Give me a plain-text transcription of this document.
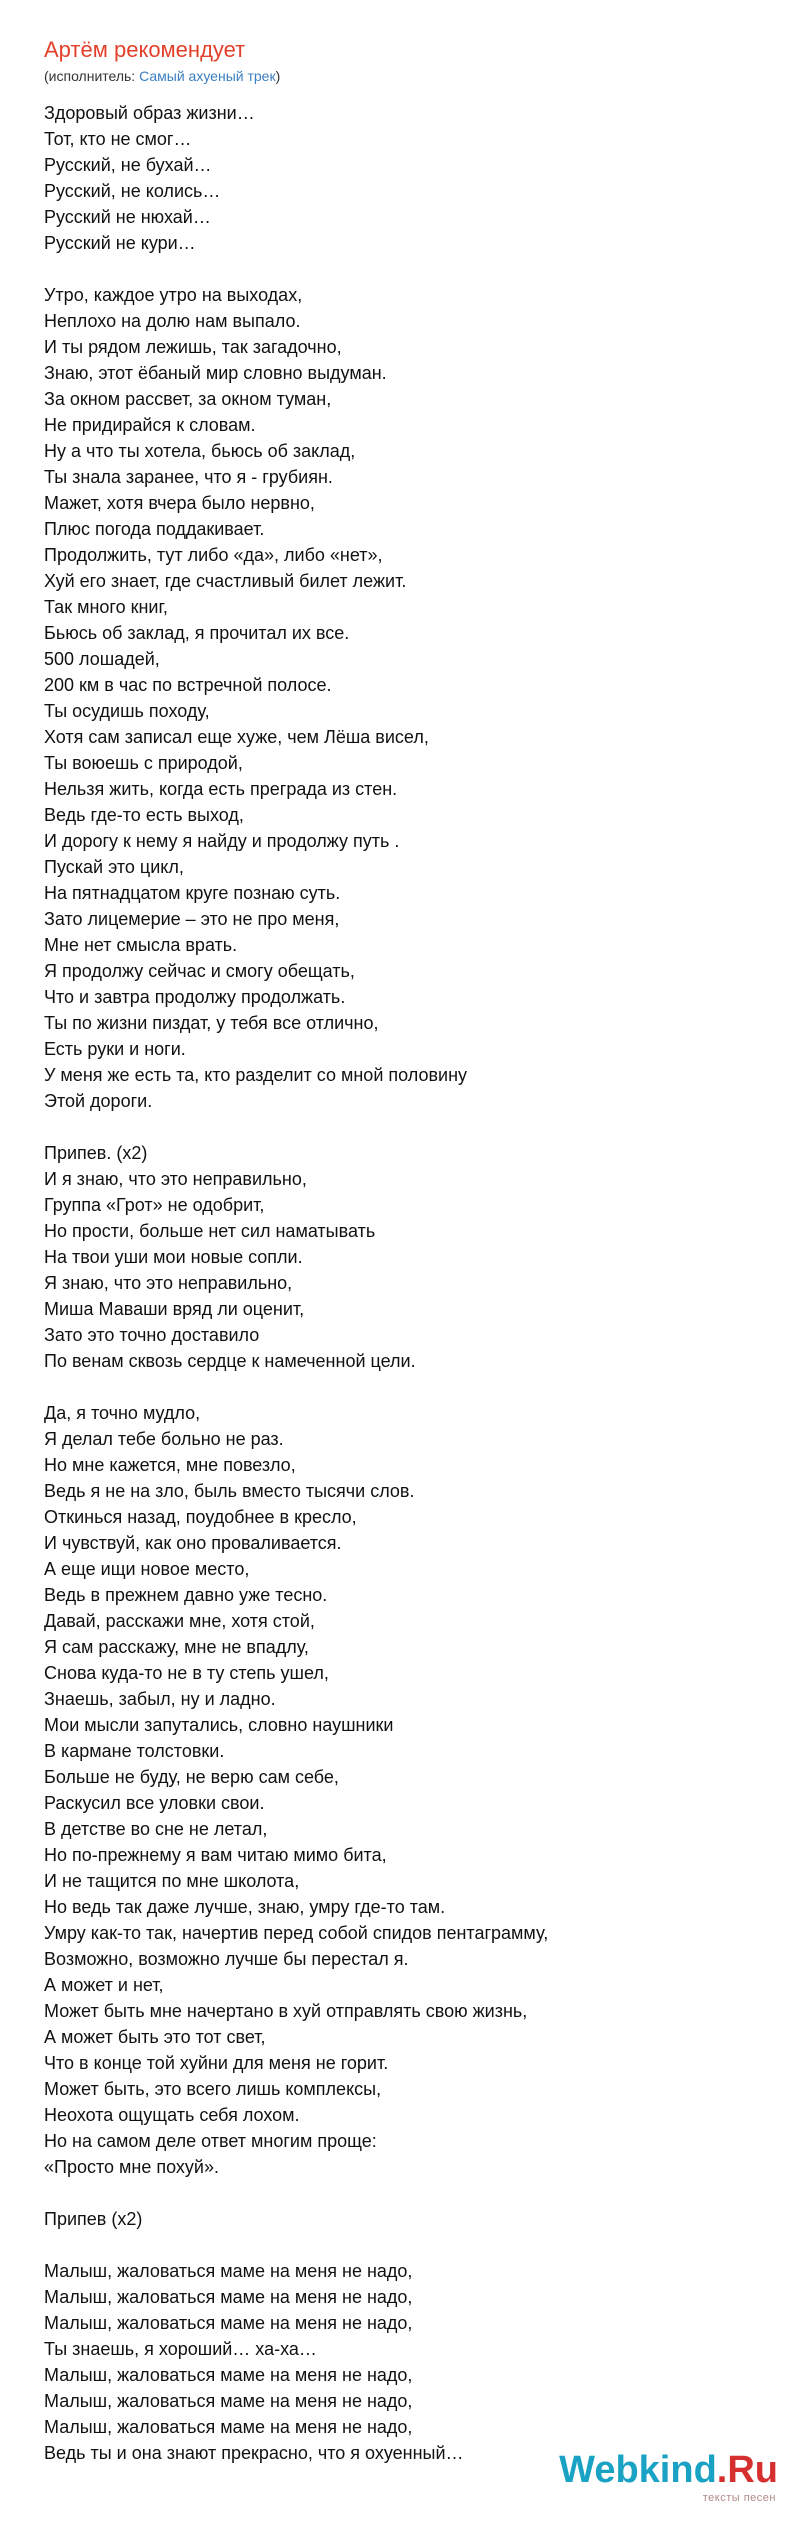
Артём рекомендует
(исполнитель: Самый ахуеный трек)
Здоровый образ жизни…
Тот, кто не смог…
Русский, не бухай…
Русский, не колись…
Русский не нюхай…
Русский не кури…
Утро, каждое утро на выходах,
Неплохо на долю нам выпало.
И ты рядом лежишь, так загадочно,
Знаю, этот ёбаный мир словно выдуман.
За окном рассвет, за окном туман,
Не придирайся к словам.
Ну а что ты хотела, бьюсь об заклад,
Ты знала заранее, что я - грубиян.
Мажет, хотя вчера было нервно,
Плюс погода поддакивает.
Продолжить, тут либо «да», либо «нет»,
Хуй его знает, где счастливый билет лежит.
Так много книг,
Бьюсь об заклад, я прочитал их все.
500 лошадей,
200 км в час по встречной полосе.
Ты осудишь походу,
Хотя сам записал еще хуже, чем Лёша висел,
Ты воюешь с природой,
Нельзя жить, когда есть преграда из стен.
Ведь где-то есть выход,
И дорогу к нему я найду и продолжу путь .
Пускай это цикл,
На пятнадцатом круге познаю суть.
Зато лицемерие – это не про меня,
Мне нет смысла врать.
Я продолжу сейчас и смогу обещать,
Что и завтра продолжу продолжать.
Ты по жизни пиздат, у тебя все отлично,
Есть руки и ноги.
У меня же есть та, кто разделит со мной половину
Этой дороги.
Припев. (x2)
И я знаю, что это неправильно,
Группа «Грот» не одобрит,
Но прости, больше нет сил наматывать
На твои уши мои новые сопли.
Я знаю, что это неправильно,
Миша Маваши вряд ли оценит,
Зато это точно доставило
По венам сквозь сердце к намеченной цели.
Да, я точно мудло,
Я делал тебе больно не раз.
Но мне кажется, мне повезло,
Ведь я не на зло, быль вместо тысячи слов.
Откинься назад, поудобнее в кресло,
И чувствуй, как оно проваливается.
А еще ищи новое место,
Ведь в прежнем давно уже тесно.
Давай, расскажи мне, хотя стой,
Я сам расскажу, мне не впадлу,
Снова куда-то не в ту степь ушел,
Знаешь, забыл, ну и ладно.
Мои мысли запутались, словно наушники
В кармане толстовки.
Больше не буду, не верю сам себе,
Раскусил все уловки свои.
В детстве во сне не летал,
Но по-прежнему я вам читаю мимо бита,
И не тащится по мне школота,
Но ведь так даже лучше, знаю, умру где-то там.
Умру как-то так, начертив перед собой спидов пентаграмму,
Возможно, возможно лучше бы перестал я.
А может и нет,
Может быть мне начертано в хуй отправлять свою жизнь,
А может быть это тот свет,
Что в конце той хуйни для меня не горит.
Может быть, это всего лишь комплексы,
Неохота ощущать себя лохом.
Но на самом деле ответ многим проще:
«Просто мне похуй».
Припев (x2)
Малыш, жаловаться маме на меня не надо,
Малыш, жаловаться маме на меня не надо,
Малыш, жаловаться маме на меня не надо,
Ты знаешь, я хороший… ха-ха…
Малыш, жаловаться маме на меня не надо,
Малыш, жаловаться маме на меня не надо,
Малыш, жаловаться маме на меня не надо,
Ведь ты и она знают прекрасно, что я охуенный…	Webkind.Ru
тексты песен
